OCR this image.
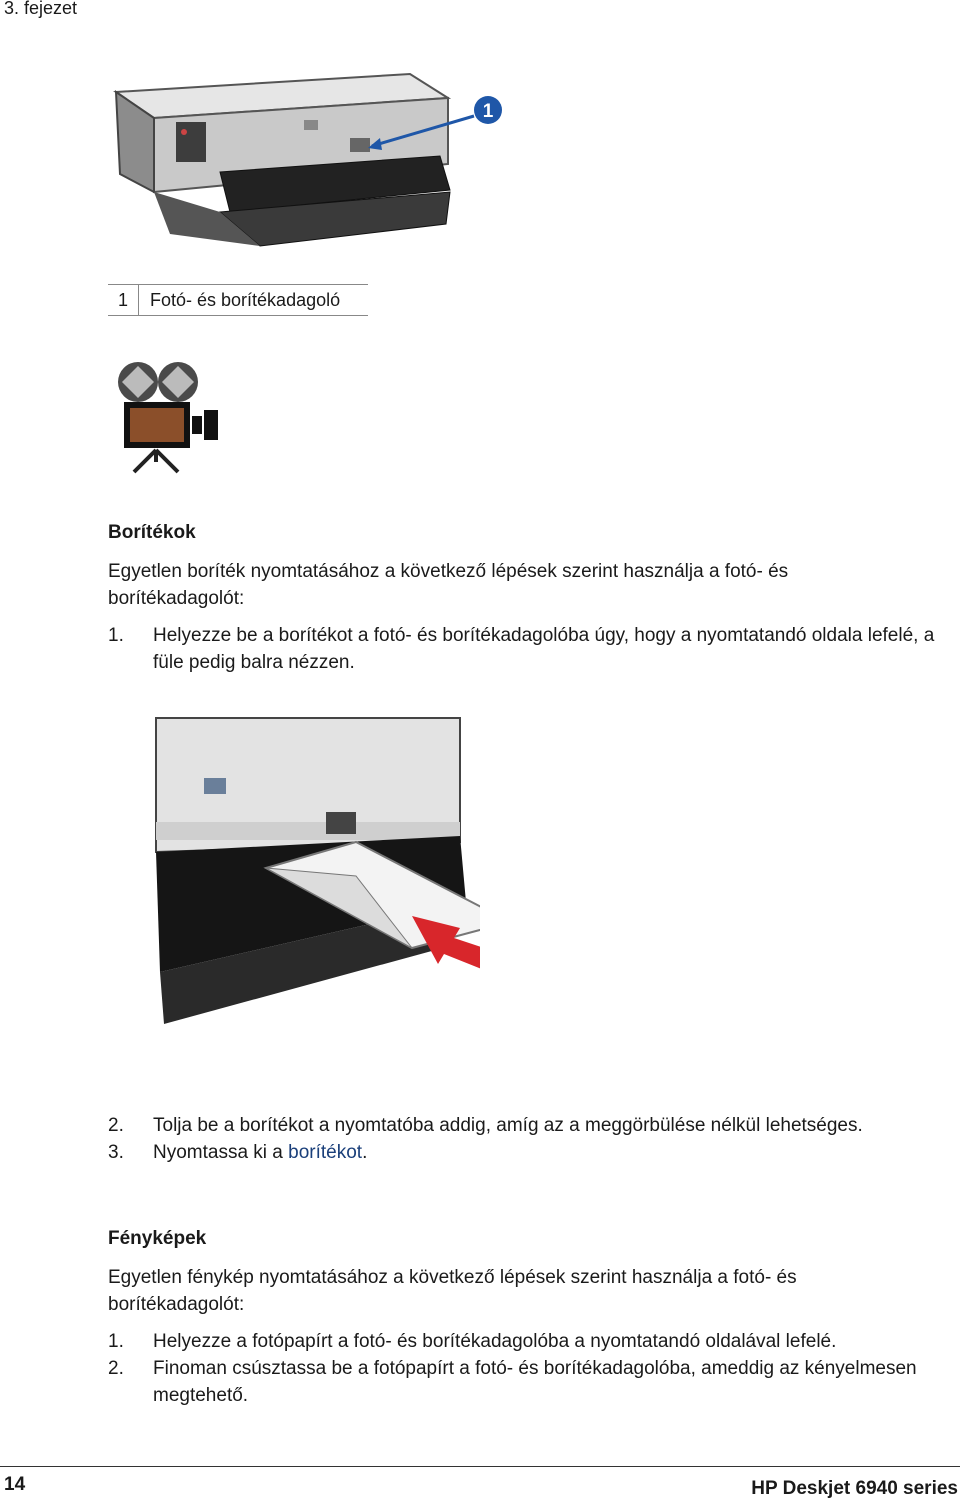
3. fejezet
1
1	Fotó- és borítékadagoló
Borítékok
Egyetlen boríték nyomtatásához a következő lépések szerint használja a fotó- és borítékadagolót:
1. Helyezze be a borítékot a fotó- és borítékadagolóba úgy, hogy a nyomtatandó oldala lefelé, a füle pedig balra nézzen.
2. Tolja be a borítékot a nyomtatóba addig, amíg az a meggörbülése nélkül lehetséges.
3. Nyomtassa ki a borítékot.
Fényképek
Egyetlen fénykép nyomtatásához a következő lépések szerint használja a fotó- és borítékadagolót:
1. Helyezze a fotópapírt a fotó- és borítékadagolóba a nyomtatandó oldalával lefelé.
2. Finoman csúsztassa be a fotópapírt a fotó- és borítékadagolóba, ameddig az kényelmesen megtehető.
14	HP Deskjet 6940 series
